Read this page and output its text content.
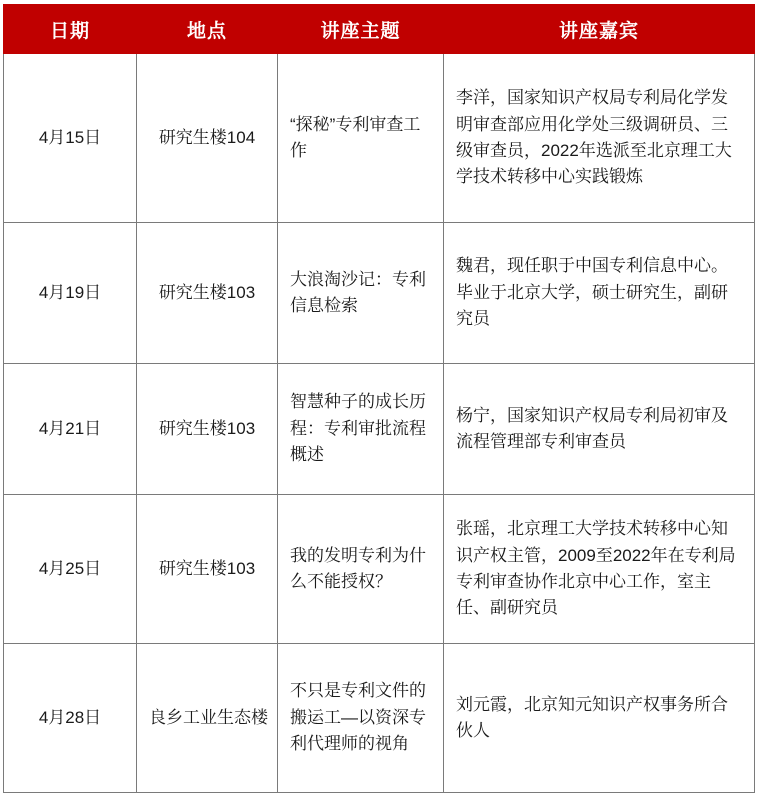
日期	地点	讲座主题	讲座嘉宾
4月15日	研究生楼104	“探秘”专利审查工作	李洋，国家知识产权局专利局化学发明审查部应用化学处三级调研员、三级审查员，2022年选派至北京理工大学技术转移中心实践锻炼
4月19日	研究生楼103	大浪淘沙记：专利信息检索	魏君，现任职于中国专利信息中心。毕业于北京大学，硕士研究生，副研究员
4月21日	研究生楼103	智慧种子的成长历程：专利审批流程概述	杨宁，国家知识产权局专利局初审及流程管理部专利审查员
4月25日	研究生楼103	我的发明专利为什么不能授权？	张瑶，北京理工大学技术转移中心知识产权主管，2009至2022年在专利局专利审查协作北京中心工作，室主任、副研究员
4月28日	良乡工业生态楼	不只是专利文件的搬运工—以资深专利代理师的视角	刘元霞，北京知元知识产权事务所合伙人
